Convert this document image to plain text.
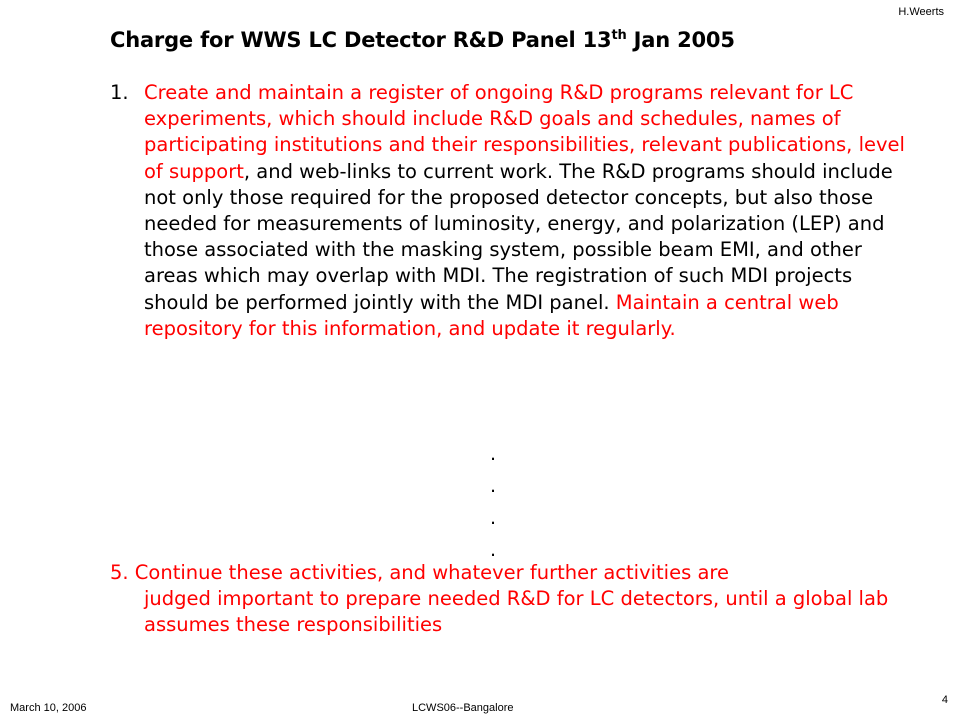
H.Weerts
Charge for WWS LC Detector R&D Panel 13th Jan 2005
1. Create and maintain a register of ongoing R&D programs relevant for LC experiments, which should include R&D goals and schedules, names of participating institutions and their responsibilities, relevant publications, level of support, and web-links to current work. The R&D programs should include not only those required for the proposed detector concepts, but also those needed for measurements of luminosity, energy, and polarization (LEP) and those associated with the masking system, possible beam EMI, and other areas which may overlap with MDI. The registration of such MDI projects should be performed jointly with the MDI panel. Maintain a central web repository for this information, and update it regularly.
.
.
.
.
5. Continue these activities, and whatever further activities are
judged important to prepare needed R&D for LC detectors, until a global lab assumes these responsibilities
March 10, 2006	LCWS06--Bangalore
4
